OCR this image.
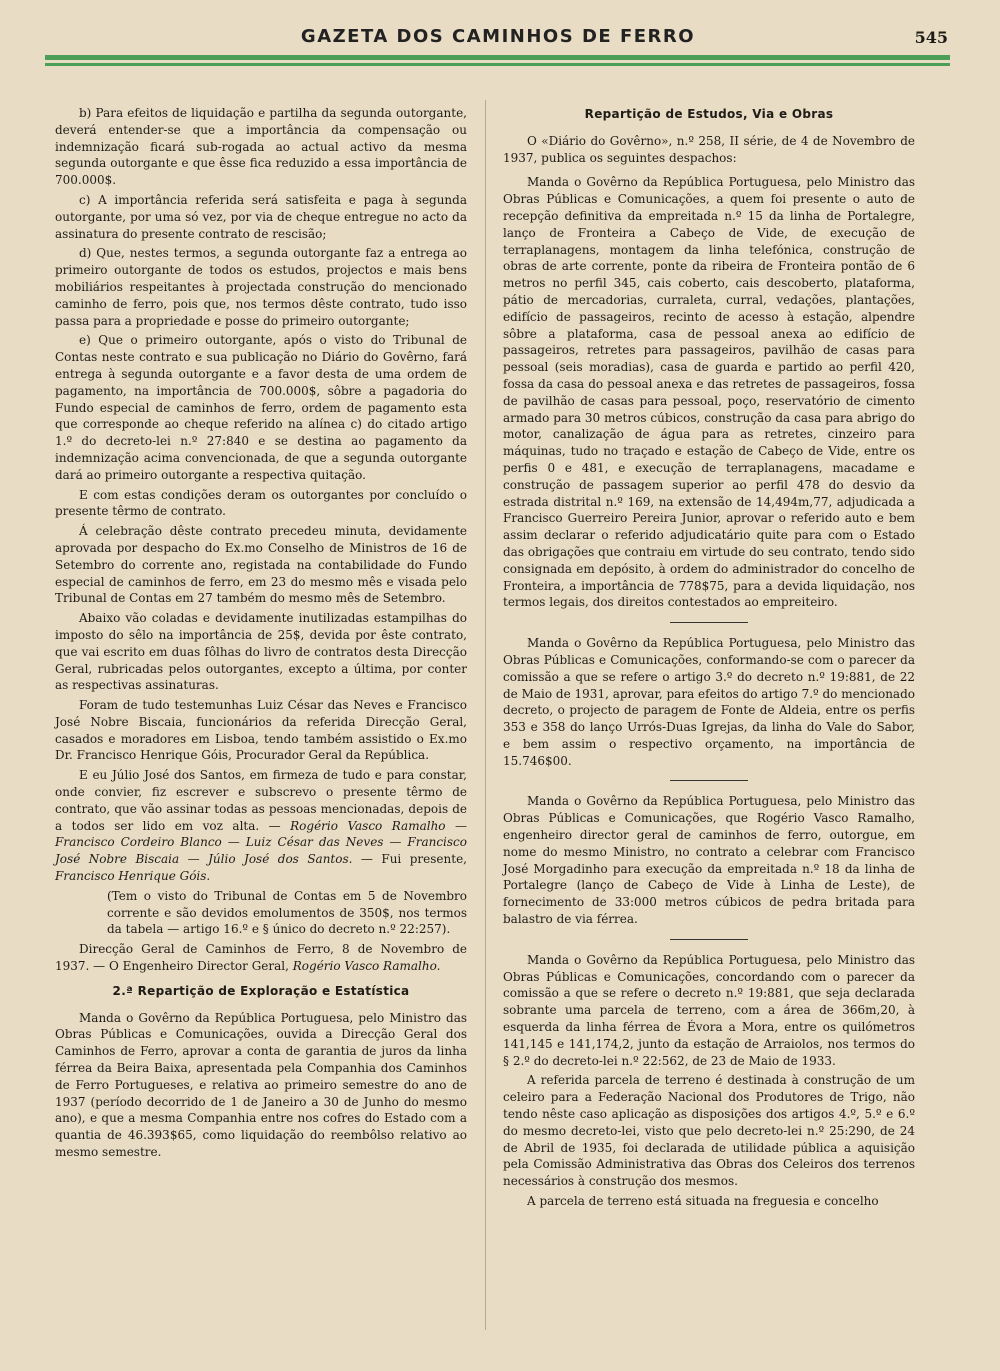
GAZETA DOS CAMINHOS DE FERRO	545

b) Para efeitos de liquidação e partilha da segunda outorgante, deverá entender-se que a importância da compensação ou indemnização ficará sub-rogada ao actual activo da mesma segunda outorgante e que êsse fica reduzido a essa importância de 700.000$.

c) A importância referida será satisfeita e paga à segunda outorgante, por uma só vez, por via de cheque entregue no acto da assinatura do presente contrato de rescisão;

d) Que, nestes termos, a segunda outorgante faz a entrega ao primeiro outorgante de todos os estudos, projectos e mais bens mobiliários respeitantes à projectada construção do mencionado caminho de ferro, pois que, nos termos dêste contrato, tudo isso passa para a propriedade e posse do primeiro outorgante;

e) Que o primeiro outorgante, após o visto do Tribunal de Contas neste contrato e sua publicação no Diário do Govêrno, fará entrega à segunda outorgante e a favor desta de uma ordem de pagamento, na importância de 700.000$, sôbre a pagadoria do Fundo especial de caminhos de ferro, ordem de pagamento esta que corresponde ao cheque referido na alínea c) do citado artigo 1.º do decreto-lei n.º 27:840 e se destina ao pagamento da indemnização acima convencionada, de que a segunda outorgante dará ao primeiro outorgante a respectiva quitação.

E com estas condições deram os outorgantes por concluído o presente têrmo de contrato.

Á celebração dêste contrato precedeu minuta, devidamente aprovada por despacho do Ex.mo Conselho de Ministros de 16 de Setembro do corrente ano, registada na contabilidade do Fundo especial de caminhos de ferro, em 23 do mesmo mês e visada pelo Tribunal de Contas em 27 também do mesmo mês de Setembro.

Abaixo vão coladas e devidamente inutilizadas estampilhas do imposto do sêlo na importância de 25$, devida por êste contrato, que vai escrito em duas fôlhas do livro de contratos desta Direcção Geral, rubricadas pelos outorgantes, excepto a última, por conter as respectivas assinaturas.

Foram de tudo testemunhas Luiz César das Neves e Francisco José Nobre Biscaia, funcionários da referida Direcção Geral, casados e moradores em Lisboa, tendo também assistido o Ex.mo Dr. Francisco Henrique Góis, Procurador Geral da República.

E eu Júlio José dos Santos, em firmeza de tudo e para constar, onde convier, fiz escrever e subscrevo o presente têrmo de contrato, que vão assinar todas as pessoas mencionadas, depois de a todos ser lido em voz alta. — Rogério Vasco Ramalho — Francisco Cordeiro Blanco — Luiz César das Neves — Francisco José Nobre Biscaia — Júlio José dos Santos. — Fui presente, Francisco Henrique Góis.

(Tem o visto do Tribunal de Contas em 5 de Novembro corrente e são devidos emolumentos de 350$, nos termos da tabela — artigo 16.º e § único do decreto n.º 22:257).

Direcção Geral de Caminhos de Ferro, 8 de Novembro de 1937. — O Engenheiro Director Geral, Rogério Vasco Ramalho.

2.ª Repartição de Exploração e Estatística

Manda o Govêrno da República Portuguesa, pelo Ministro das Obras Públicas e Comunicações, ouvida a Direcção Geral dos Caminhos de Ferro, aprovar a conta de garantia de juros da linha férrea da Beira Baixa, apresentada pela Companhia dos Caminhos de Ferro Portugueses, e relativa ao primeiro semestre do ano de 1937 (período decorrido de 1 de Janeiro a 30 de Junho do mesmo ano), e que a mesma Companhia entre nos cofres do Estado com a quantia de 46.393$65, como liquidação do reembôlso relativo ao mesmo semestre.

Repartição de Estudos, Via e Obras

O «Diário do Govêrno», n.º 258, II série, de 4 de Novembro de 1937, publica os seguintes despachos:

Manda o Govêrno da República Portuguesa, pelo Ministro das Obras Públicas e Comunicações, a quem foi presente o auto de recepção definitiva da empreitada n.º 15 da linha de Portalegre, lanço de Fronteira a Cabeço de Vide, de execução de terraplanagens, montagem da linha telefónica, construção de obras de arte corrente, ponte da ribeira de Fronteira pontão de 6 metros no perfil 345, cais coberto, cais descoberto, plataforma, pátio de mercadorias, curraleta, curral, vedações, plantações, edifício de passageiros, recinto de acesso à estação, alpendre sôbre a plataforma, casa de pessoal anexa ao edifício de passageiros, retretes para passageiros, pavilhão de casas para pessoal (seis moradias), casa de guarda e partido ao perfil 420, fossa da casa do pessoal anexa e das retretes de passageiros, fossa de pavilhão de casas para pessoal, poço, reservatório de cimento armado para 30 metros cúbicos, construção da casa para abrigo do motor, canalização de água para as retretes, cinzeiro para máquinas, tudo no traçado e estação de Cabeço de Vide, entre os perfis 0 e 481, e execução de terraplanagens, macadame e construção de passagem superior ao perfil 478 do desvio da estrada distrital n.º 169, na extensão de 14,494m,77, adjudicada a Francisco Guerreiro Pereira Junior, aprovar o referido auto e bem assim declarar o referido adjudicatário quite para com o Estado das obrigações que contraiu em virtude do seu contrato, tendo sido consignada em depósito, à ordem do administrador do concelho de Fronteira, a importância de 778$75, para a devida liquidação, nos termos legais, dos direitos contestados ao empreiteiro.

Manda o Govêrno da República Portuguesa, pelo Ministro das Obras Públicas e Comunicações, conformando-se com o parecer da comissão a que se refere o artigo 3.º do decreto n.º 19:881, de 22 de Maio de 1931, aprovar, para efeitos do artigo 7.º do mencionado decreto, o projecto de paragem de Fonte de Aldeia, entre os perfis 353 e 358 do lanço Urrós-Duas Igrejas, da linha do Vale do Sabor, e bem assim o respectivo orçamento, na importância de 15.746$00.

Manda o Govêrno da República Portuguesa, pelo Ministro das Obras Públicas e Comunicações, que Rogério Vasco Ramalho, engenheiro director geral de caminhos de ferro, outorgue, em nome do mesmo Ministro, no contrato a celebrar com Francisco José Morgadinho para execução da empreitada n.º 18 da linha de Portalegre (lanço de Cabeço de Vide à Linha de Leste), de fornecimento de 33:000 metros cúbicos de pedra britada para balastro de via férrea.

Manda o Govêrno da República Portuguesa, pelo Ministro das Obras Públicas e Comunicações, concordando com o parecer da comissão a que se refere o decreto n.º 19:881, que seja declarada sobrante uma parcela de terreno, com a área de 366m,20, à esquerda da linha férrea de Évora a Mora, entre os quilómetros 141,145 e 141,174,2, junto da estação de Arraiolos, nos termos do § 2.º do decreto-lei n.º 22:562, de 23 de Maio de 1933.

A referida parcela de terreno é destinada à construção de um celeiro para a Federação Nacional dos Produtores de Trigo, não tendo nêste caso aplicação as disposições dos artigos 4.º, 5.º e 6.º do mesmo decreto-lei, visto que pelo decreto-lei n.º 25:290, de 24 de Abril de 1935, foi declarada de utilidade pública a aquisição pela Comissão Administrativa das Obras dos Celeiros dos terrenos necessários à construção dos mesmos.

A parcela de terreno está situada na freguesia e concelho
